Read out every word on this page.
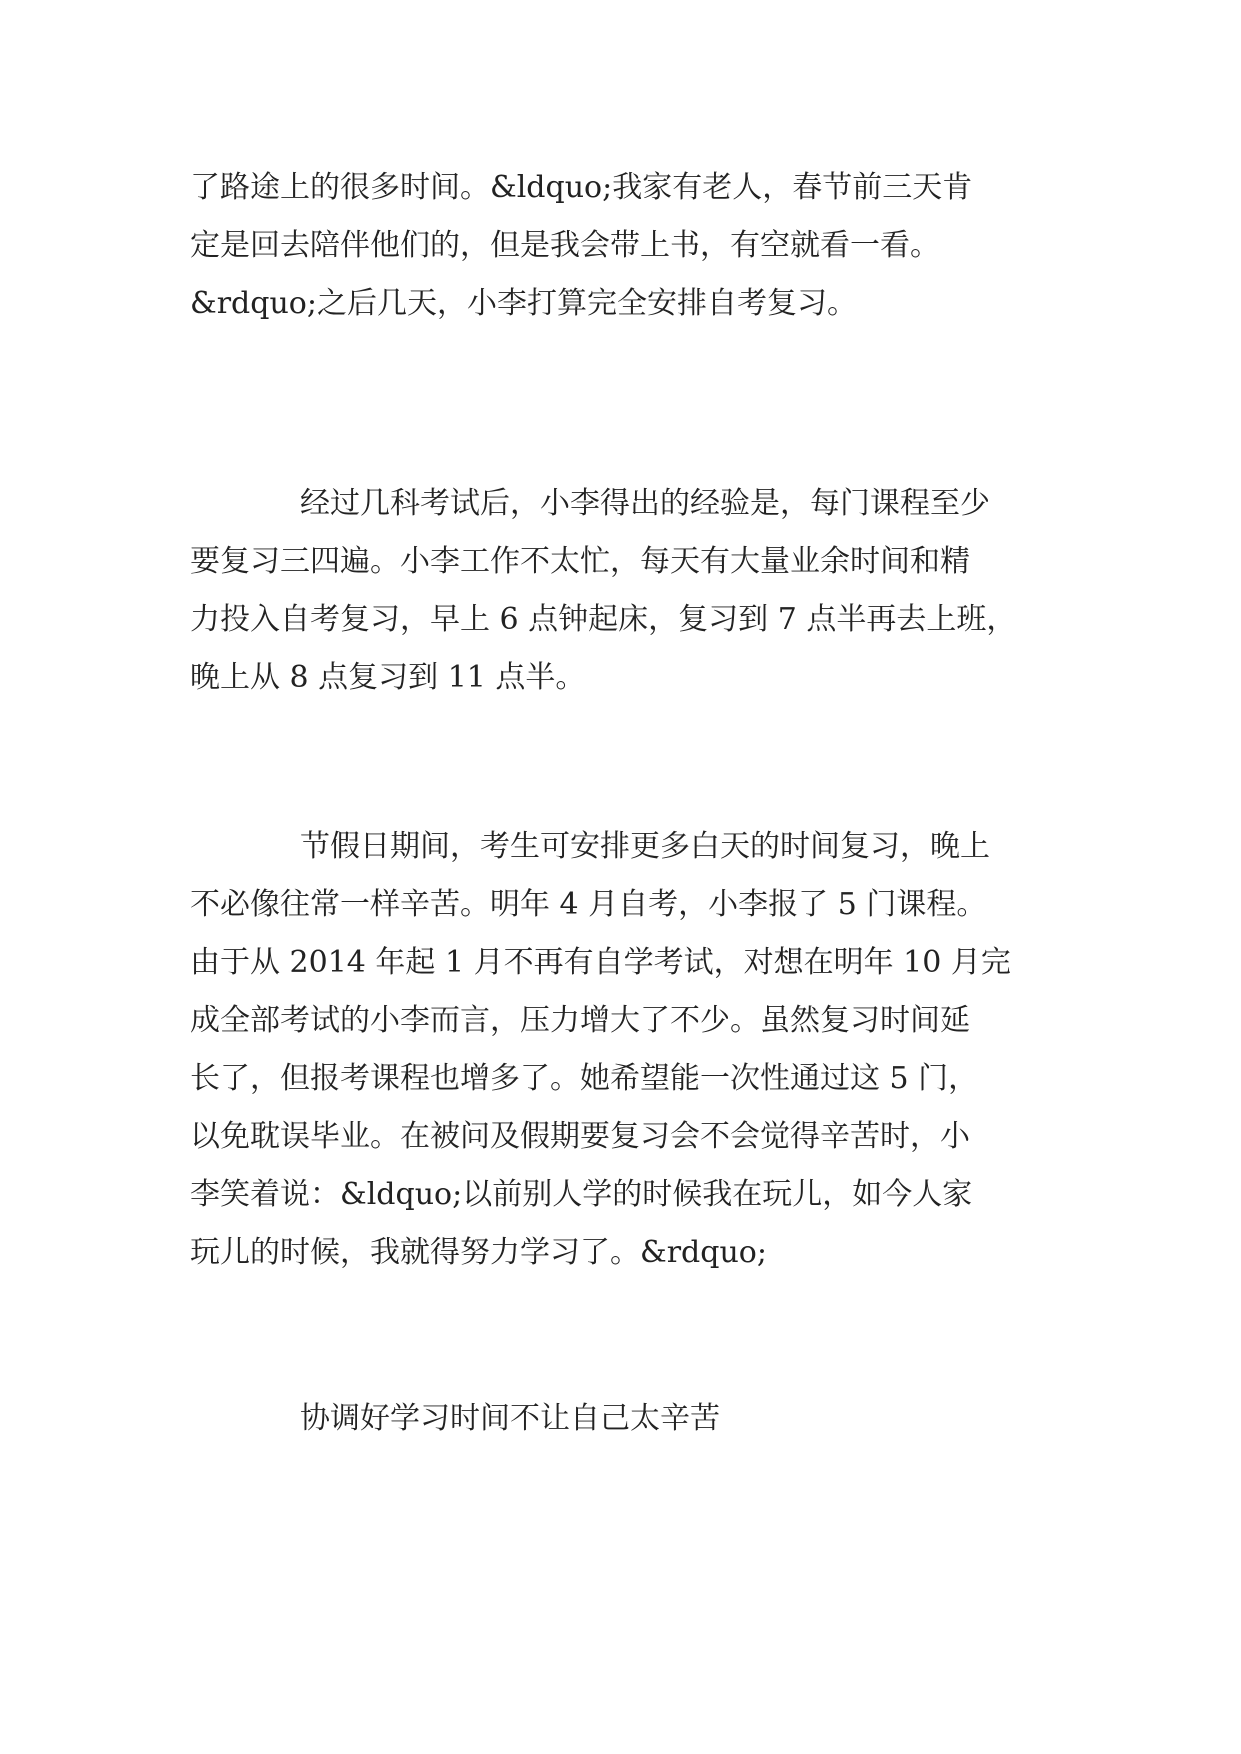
了路途上的很多时间。&ldquo;我家有老人，春节前三天肯
定是回去陪伴他们的，但是我会带上书，有空就看一看。
&rdquo;之后几天，小李打算完全安排自考复习。
经过几科考试后，小李得出的经验是，每门课程至少
要复习三四遍。小李工作不太忙，每天有大量业余时间和精
力投入自考复习，早上 6 点钟起床，复习到 7 点半再去上班，
晚上从 8 点复习到 11 点半。
节假日期间，考生可安排更多白天的时间复习，晚上
不必像往常一样辛苦。明年 4 月自考，小李报了 5 门课程。
由于从 2014 年起 1 月不再有自学考试，对想在明年 10 月完
成全部考试的小李而言，压力增大了不少。虽然复习时间延
长了，但报考课程也增多了。她希望能一次性通过这 5 门，
以免耽误毕业。在被问及假期要复习会不会觉得辛苦时，小
李笑着说：&ldquo;以前别人学的时候我在玩儿，如今人家
玩儿的时候，我就得努力学习了。&rdquo;
协调好学习时间不让自己太辛苦
